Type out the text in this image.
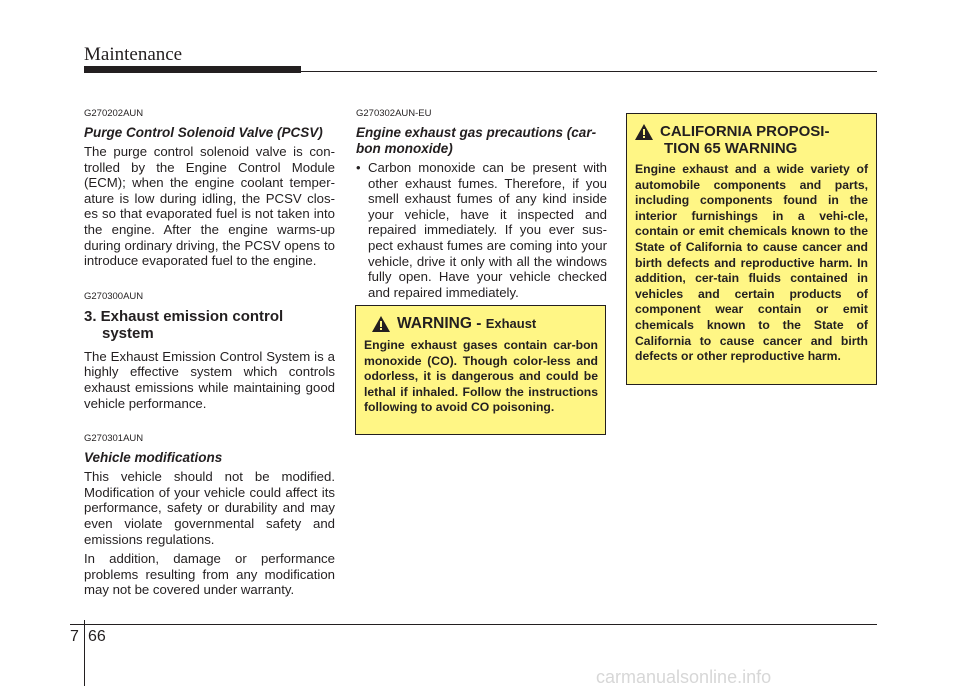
Maintenance
G270202AUN
Purge Control Solenoid Valve (PCSV)
The purge control solenoid valve is con-trolled by the Engine Control Module (ECM); when the engine coolant temper-ature is low during idling, the PCSV clos-es so that evaporated fuel is not taken into the engine. After the engine warms-up during ordinary driving, the PCSV opens to introduce evaporated fuel to the engine.
G270300AUN
3. Exhaust emission control
system
The Exhaust Emission Control System is a highly effective system which controls exhaust emissions while maintaining good vehicle performance.
G270301AUN
Vehicle modifications
This vehicle should not be modified. Modification of your vehicle could affect its performance, safety or durability and may even violate governmental safety and emissions regulations.
In addition, damage or performance problems resulting from any modification may not be covered under warranty.
G270302AUN-EU
Engine exhaust gas precautions (car-bon monoxide)
• Carbon monoxide can be present with other exhaust fumes. Therefore, if you smell exhaust fumes of any kind inside your vehicle, have it inspected and repaired immediately. If you ever sus-pect exhaust fumes are coming into your vehicle, drive it only with all the windows fully open. Have your vehicle checked and repaired immediately.
WARNING - Exhaust

Engine exhaust gases contain car-bon monoxide (CO). Though color-less and odorless, it is dangerous and could be lethal if inhaled. Follow the instructions following to avoid CO poisoning.

CALIFORNIA PROPOSI-
TION 65 WARNING

Engine exhaust and a wide variety of automobile components and parts, including components found in the interior furnishings in a vehi-cle, contain or emit chemicals known to the State of California to cause cancer and birth defects and reproductive harm. In addition, cer-tain fluids contained in vehicles and certain products of component wear contain or emit chemicals known to the State of California to cause cancer and birth defects or other reproductive harm.

7 66
carmanualsonline.info
